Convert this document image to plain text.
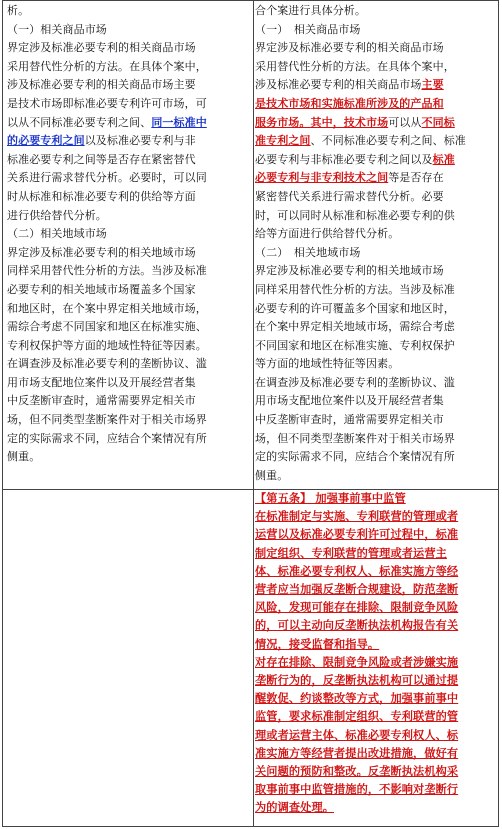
析。
（一）相关商品市场
界定涉及标准必要专利的相关商品市场
采用替代性分析的方法。在具体个案中，
涉及标准必要专利的相关商品市场主要
是技术市场即标准必要专利许可市场，可
以从不同标准必要专利之间、同一标准中
的必要专利之间以及标准必要专利与非
标准必要专利之间等是否存在紧密替代
关系进行需求替代分析。必要时，可以同
时从标准和标准必要专利的供给等方面
进行供给替代分析。
（二）相关地域市场
界定涉及标准必要专利的相关地域市场
同样采用替代性分析的方法。当涉及标准
必要专利的相关地域市场覆盖多个国家
和地区时，在个案中界定相关地域市场，
需综合考虑不同国家和地区在标准实施、
专利权保护等方面的地域性特征等因素。
在调查涉及标准必要专利的垄断协议、滥
用市场支配地位案件以及开展经营者集
中反垄断审查时，通常需要界定相关市
场，但不同类型垄断案件对于相关市场界
定的实际需求不同，应结合个案情况有所
侧重。
合个案进行具体分析。
（一）　相关商品市场
界定涉及标准必要专利的相关商品市场
采用替代性分析的方法。在具体个案中，
涉及标准必要专利的相关商品市场主要
是技术市场和实施标准所涉及的产品和
服务市场。其中，技术市场可以从不同标
准专利之间、不同标准必要专利之间、标准
必要专利与非标准必要专利之间以及标准
必要专利与非专利技术之间等是否存在
紧密替代关系进行需求替代分析。必要
时，可以同时从标准和标准必要专利的供
给等方面进行供给替代分析。
（二）　相关地域市场
界定涉及标准必要专利的相关地域市场
同样采用替代性分析的方法。当涉及标准
必要专利的许可覆盖多个国家和地区时，
在个案中界定相关地域市场，需综合考虑
不同国家和地区在标准实施、专利权保护
等方面的地域性特征等因素。
在调查涉及标准必要专利的垄断协议、滥
用市场支配地位案件以及开展经营者集
中反垄断审查时，通常需要界定相关市
场，但不同类型垄断案件对于相关市场界
定的实际需求不同，应结合个案情况有所
侧重。
【第五条】 加强事前事中监管
在标准制定与实施、专利联营的管理或者
运营以及标准必要专利许可过程中，标准
制定组织、专利联营的管理或者运营主
体、标准必要专利权人、标准实施方等经
营者应当加强反垄断合规建设，防范垄断
风险，发现可能存在排除、限制竞争风险
的，可以主动向反垄断执法机构报告有关
情况，接受监督和指导。
对存在排除、限制竞争风险或者涉嫌实施
垄断行为的，反垄断执法机构可以通过提
醒敦促、约谈整改等方式，加强事前事中
监管，要求标准制定组织、专利联营的管
理或者运营主体、标准必要专利权人、标
准实施方等经营者提出改进措施，做好有
关问题的预防和整改。反垄断执法机构采
取事前事中监管措施的，不影响对垄断行
为的调查处理。
